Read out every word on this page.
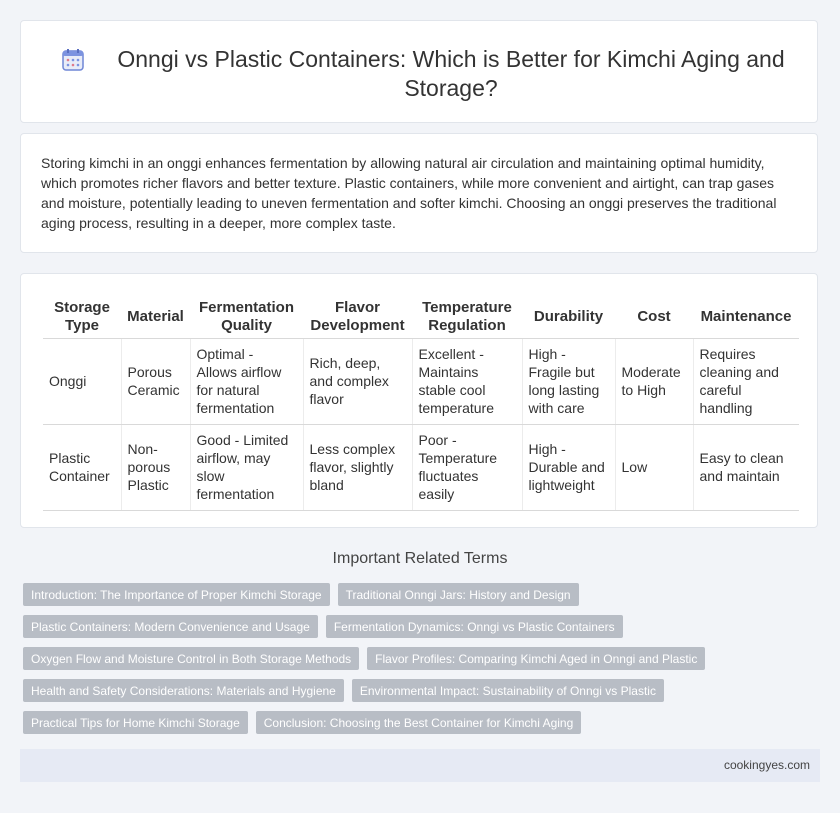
Onngi vs Plastic Containers: Which is Better for Kimchi Aging and Storage?

Storing kimchi in an onggi enhances fermentation by allowing natural air circulation and maintaining optimal humidity, which promotes richer flavors and better texture. Plastic containers, while more convenient and airtight, can trap gases and moisture, potentially leading to uneven fermentation and softer kimchi. Choosing an onggi preserves the traditional aging process, resulting in a deeper, more complex taste.

Storage Type	Material	Fermentation Quality	Flavor Development	Temperature Regulation	Durability	Cost	Maintenance
Onggi	Porous Ceramic	Optimal - Allows airflow for natural fermentation	Rich, deep, and complex flavor	Excellent - Maintains stable cool temperature	High - Fragile but long lasting with care	Moderate to High	Requires cleaning and careful handling
Plastic Container	Non-porous Plastic	Good - Limited airflow, may slow fermentation	Less complex flavor, slightly bland	Poor - Temperature fluctuates easily	High - Durable and lightweight	Low	Easy to clean and maintain
Important Related Terms
Introduction: The Importance of Proper Kimchi Storage	Traditional Onngi Jars: History and Design
Plastic Containers: Modern Convenience and Usage	Fermentation Dynamics: Onngi vs Plastic Containers
Oxygen Flow and Moisture Control in Both Storage Methods	Flavor Profiles: Comparing Kimchi Aged in Onngi and Plastic
Health and Safety Considerations: Materials and Hygiene	Environmental Impact: Sustainability of Onngi vs Plastic
Practical Tips for Home Kimchi Storage	Conclusion: Choosing the Best Container for Kimchi Aging
cookingyes.com
